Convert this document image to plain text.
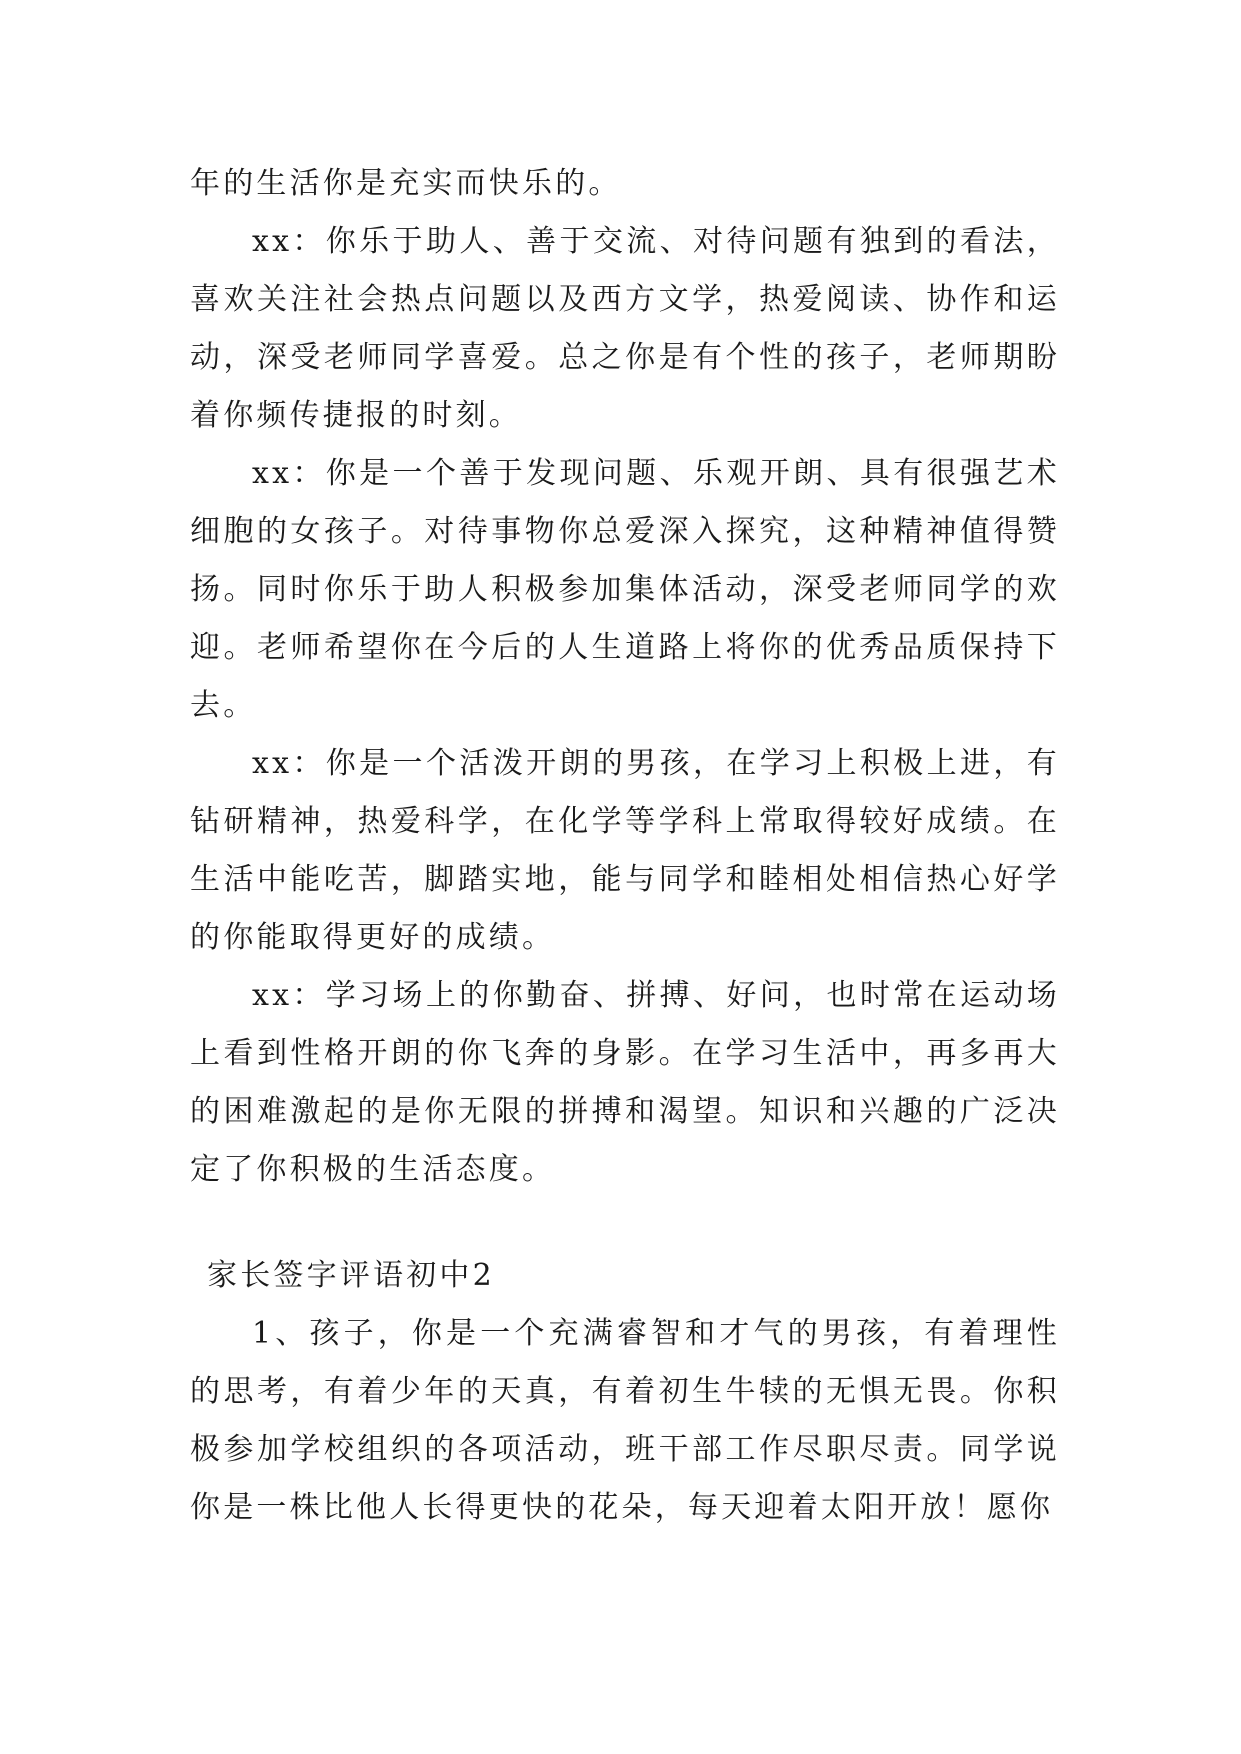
年的生活你是充实而快乐的。

xx：你乐于助人、善于交流、对待问题有独到的看法，喜欢关注社会热点问题以及西方文学，热爱阅读、协作和运动，深受老师同学喜爱。总之你是有个性的孩子，老师期盼着你频传捷报的时刻。

xx：你是一个善于发现问题、乐观开朗、具有很强艺术细胞的女孩子。对待事物你总爱深入探究，这种精神值得赞扬。同时你乐于助人积极参加集体活动，深受老师同学的欢迎。老师希望你在今后的人生道路上将你的优秀品质保持下去。

xx：你是一个活泼开朗的男孩，在学习上积极上进，有钻研精神，热爱科学，在化学等学科上常取得较好成绩。在生活中能吃苦，脚踏实地，能与同学和睦相处相信热心好学的你能取得更好的成绩。

xx：学习场上的你勤奋、拼搏、好问，也时常在运动场上看到性格开朗的你飞奔的身影。在学习生活中，再多再大的困难激起的是你无限的拼搏和渴望。知识和兴趣的广泛决定了你积极的生活态度。

家长签字评语初中2

1、孩子，你是一个充满睿智和才气的男孩，有着理性的思考，有着少年的天真，有着初生牛犊的无惧无畏。你积极参加学校组织的各项活动，班干部工作尽职尽责。同学说你是一株比他人长得更快的花朵，每天迎着太阳开放！愿你
